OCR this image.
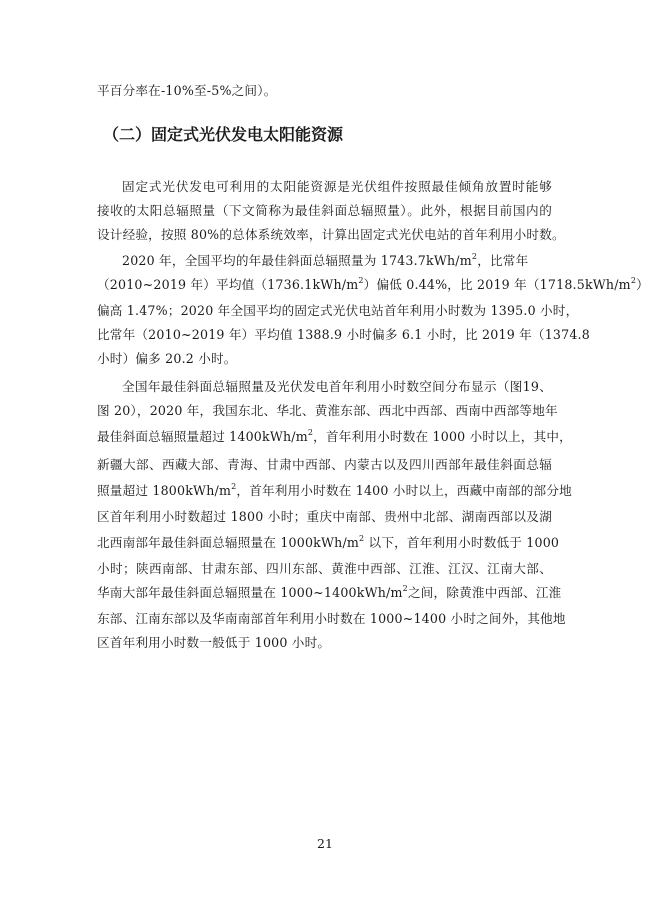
平百分率在-10%至-5%之间）。
（二）固定式光伏发电太阳能资源
固定式光伏发电可利用的太阳能资源是光伏组件按照最佳倾角放置时能够
接收的太阳总辐照量（下文简称为最佳斜面总辐照量）。此外，根据目前国内的
设计经验，按照 80%的总体系统效率，计算出固定式光伏电站的首年利用小时数。
2020 年，全国平均的年最佳斜面总辐照量为 $1743.7kWh/m^2$，比常年
（2010~2019 年）平均值$(1736.1kWh/m^2)$偏低 0.44%，比 2019 年$(1718.5kWh/m^2)$
偏高 1.47%；2020 年全国平均的固定式光伏电站首年利用小时数为 1395.0 小时，
比常年（2010~2019 年）平均值 1388.9 小时偏多 6.1 小时，比 2019 年（1374.8
小时）偏多 20.2 小时。
全国年最佳斜面总辐照量及光伏发电首年利用小时数空间分布显示（图19、
图 20），2020 年，我国东北、华北、黄淮东部、西北中西部、西南中西部等地年
最佳斜面总辐照量超过 $1400kWh/m^2$，首年利用小时数在 1000 小时以上，其中，
新疆大部、西藏大部、青海、甘肃中西部、内蒙古以及四川西部年最佳斜面总辐
照量超过 $1800kWh/m^2$，首年利用小时数在 1400 小时以上，西藏中南部的部分地
区首年利用小时数超过 1800 小时；重庆中南部、贵州中北部、湖南西部以及湖
北西南部年最佳斜面总辐照量在 $1000kWh/m^2$ 以下，首年利用小时数低于 1000
小时；陕西南部、甘肃东部、四川东部、黄淮中西部、江淮、江汉、江南大部、
华南大部年最佳斜面总辐照量在 $1000\sim 1400kWh/m^2$之间，除黄淮中西部、江淮
东部、江南东部以及华南南部首年利用小时数在 1000~1400 小时之间外，其他地
区首年利用小时数一般低于 1000 小时。
21
